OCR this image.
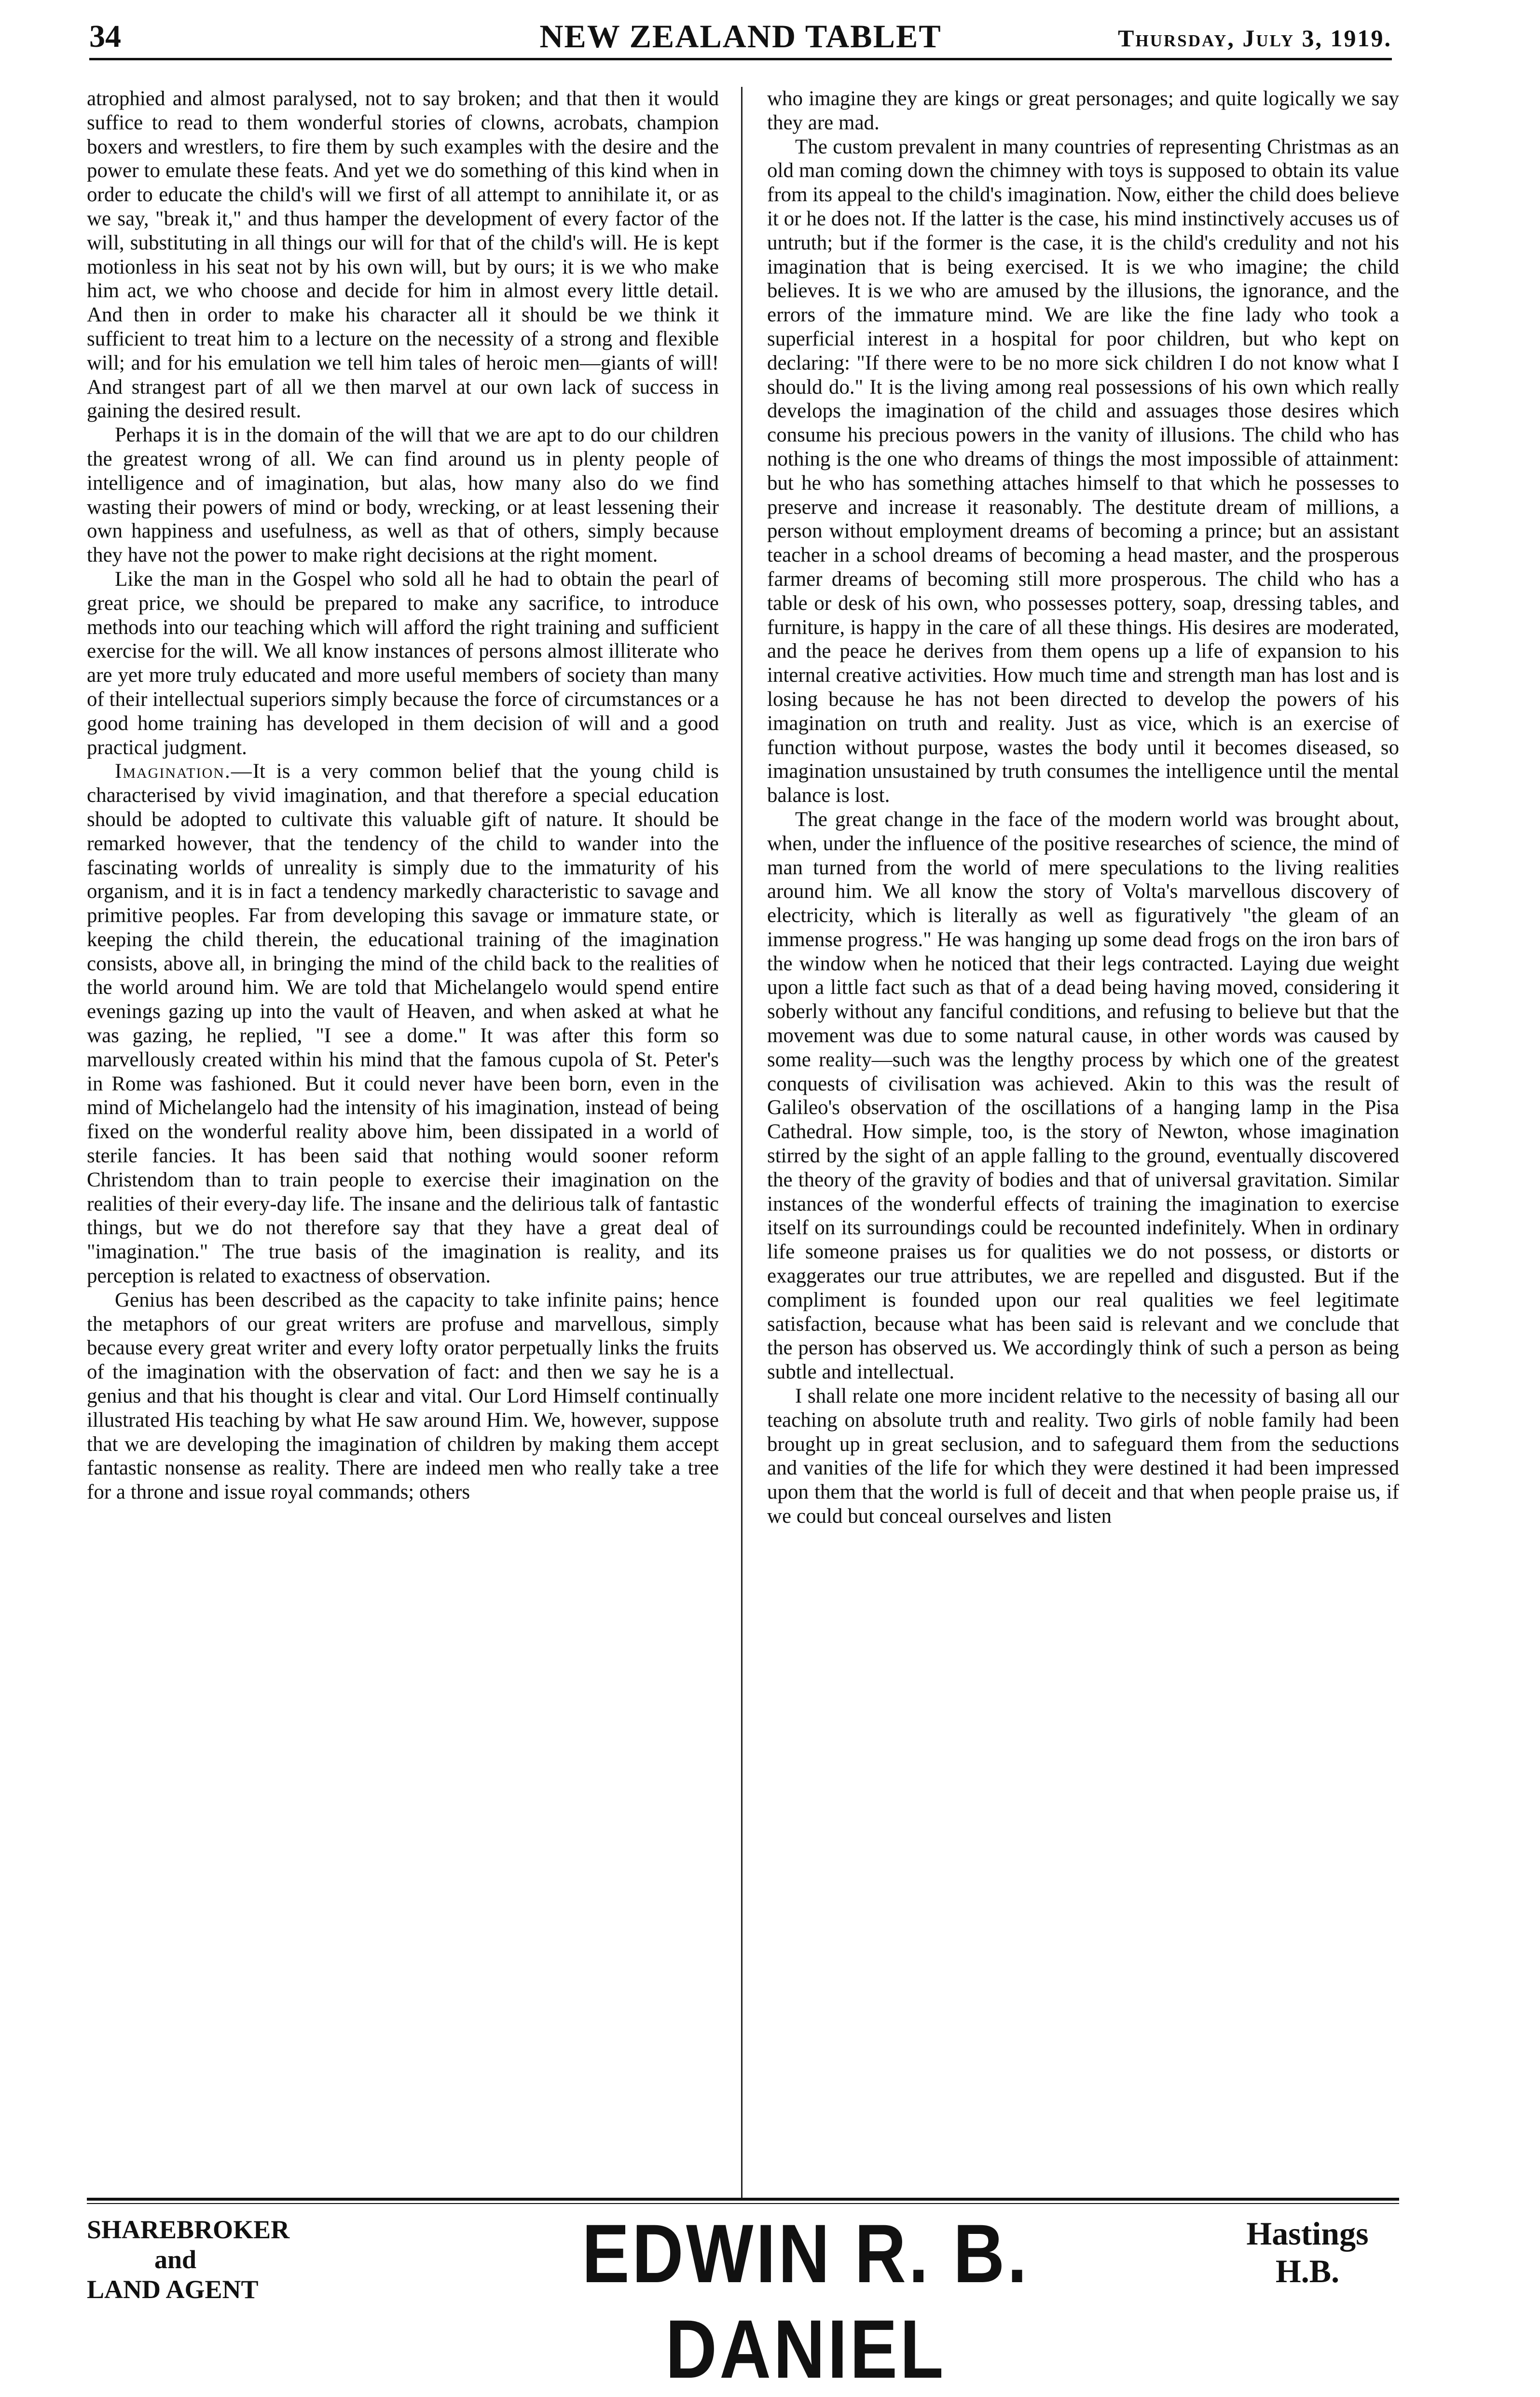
34	NEW ZEALAND TABLET	Thursday, July 3, 1919.

atrophied and almost paralysed, not to say broken; and that then it would suffice to read to them wonderful stories of clowns, acrobats, champion boxers and wrestlers, to fire them by such examples with the desire and the power to emulate these feats. And yet we do something of this kind when in order to educate the child's will we first of all attempt to annihilate it, or as we say, "break it," and thus hamper the development of every factor of the will, substituting in all things our will for that of the child's will. He is kept motionless in his seat not by his own will, but by ours; it is we who make him act, we who choose and decide for him in almost every little detail. And then in order to make his character all it should be we think it sufficient to treat him to a lecture on the necessity of a strong and flexible will; and for his emulation we tell him tales of heroic men—giants of will! And strangest part of all we then marvel at our own lack of success in gaining the desired result.

Perhaps it is in the domain of the will that we are apt to do our children the greatest wrong of all. We can find around us in plenty people of intelligence and of imagination, but alas, how many also do we find wasting their powers of mind or body, wrecking, or at least lessening their own happiness and usefulness, as well as that of others, simply because they have not the power to make right decisions at the right moment.

Like the man in the Gospel who sold all he had to obtain the pearl of great price, we should be prepared to make any sacrifice, to introduce methods into our teaching which will afford the right training and sufficient exercise for the will. We all know instances of persons almost illiterate who are yet more truly educated and more useful members of society than many of their intellectual superiors simply because the force of circumstances or a good home training has developed in them decision of will and a good practical judgment.

Imagination.—It is a very common belief that the young child is characterised by vivid imagination, and that therefore a special education should be adopted to cultivate this valuable gift of nature. It should be remarked however, that the tendency of the child to wander into the fascinating worlds of unreality is simply due to the immaturity of his organism, and it is in fact a tendency markedly characteristic to savage and primitive peoples. Far from developing this savage or immature state, or keeping the child therein, the educational training of the imagination consists, above all, in bringing the mind of the child back to the realities of the world around him. We are told that Michelangelo would spend entire evenings gazing up into the vault of Heaven, and when asked at what he was gazing, he replied, "I see a dome." It was after this form so marvellously created within his mind that the famous cupola of St. Peter's in Rome was fashioned. But it could never have been born, even in the mind of Michelangelo had the intensity of his imagination, instead of being fixed on the wonderful reality above him, been dissipated in a world of sterile fancies. It has been said that nothing would sooner reform Christendom than to train people to exercise their imagination on the realities of their every-day life. The insane and the delirious talk of fantastic things, but we do not therefore say that they have a great deal of "imagination." The true basis of the imagination is reality, and its perception is related to exactness of observation.

Genius has been described as the capacity to take infinite pains; hence the metaphors of our great writers are profuse and marvellous, simply because every great writer and every lofty orator perpetually links the fruits of the imagination with the observation of fact: and then we say he is a genius and that his thought is clear and vital. Our Lord Himself continually illustrated His teaching by what He saw around Him. We, however, suppose that we are developing the imagination of children by making them accept fantastic nonsense as reality. There are indeed men who really take a tree for a throne and issue royal commands; others

who imagine they are kings or great personages; and quite logically we say they are mad.

The custom prevalent in many countries of representing Christmas as an old man coming down the chimney with toys is supposed to obtain its value from its appeal to the child's imagination. Now, either the child does believe it or he does not. If the latter is the case, his mind instinctively accuses us of untruth; but if the former is the case, it is the child's credulity and not his imagination that is being exercised. It is we who imagine; the child believes. It is we who are amused by the illusions, the ignorance, and the errors of the immature mind. We are like the fine lady who took a superficial interest in a hospital for poor children, but who kept on declaring: "If there were to be no more sick children I do not know what I should do." It is the living among real possessions of his own which really develops the imagination of the child and assuages those desires which consume his precious powers in the vanity of illusions. The child who has nothing is the one who dreams of things the most impossible of attainment: but he who has something attaches himself to that which he possesses to preserve and increase it reasonably. The destitute dream of millions, a person without employment dreams of becoming a prince; but an assistant teacher in a school dreams of becoming a head master, and the prosperous farmer dreams of becoming still more prosperous. The child who has a table or desk of his own, who possesses pottery, soap, dressing tables, and furniture, is happy in the care of all these things. His desires are moderated, and the peace he derives from them opens up a life of expansion to his internal creative activities. How much time and strength man has lost and is losing because he has not been directed to develop the powers of his imagination on truth and reality. Just as vice, which is an exercise of function without purpose, wastes the body until it becomes diseased, so imagination unsustained by truth consumes the intelligence until the mental balance is lost.

The great change in the face of the modern world was brought about, when, under the influence of the positive researches of science, the mind of man turned from the world of mere speculations to the living realities around him. We all know the story of Volta's marvellous discovery of electricity, which is literally as well as figuratively "the gleam of an immense progress." He was hanging up some dead frogs on the iron bars of the window when he noticed that their legs contracted. Laying due weight upon a little fact such as that of a dead being having moved, considering it soberly without any fanciful conditions, and refusing to believe but that the movement was due to some natural cause, in other words was caused by some reality—such was the lengthy process by which one of the greatest conquests of civilisation was achieved. Akin to this was the result of Galileo's observation of the oscillations of a hanging lamp in the Pisa Cathedral. How simple, too, is the story of Newton, whose imagination stirred by the sight of an apple falling to the ground, eventually discovered the theory of the gravity of bodies and that of universal gravitation. Similar instances of the wonderful effects of training the imagination to exercise itself on its surroundings could be recounted indefinitely. When in ordinary life someone praises us for qualities we do not possess, or distorts or exaggerates our true attributes, we are repelled and disgusted. But if the compliment is founded upon our real qualities we feel legitimate satisfaction, because what has been said is relevant and we conclude that the person has observed us. We accordingly think of such a person as being subtle and intellectual.

I shall relate one more incident relative to the necessity of basing all our teaching on absolute truth and reality. Two girls of noble family had been brought up in great seclusion, and to safeguard them from the seductions and vanities of the life for which they were destined it had been impressed upon them that the world is full of deceit and that when people praise us, if we could but conceal ourselves and listen

SHAREBROKER
and
LAND AGENT	EDWIN R. B. DANIEL
Hastings
H.B.
